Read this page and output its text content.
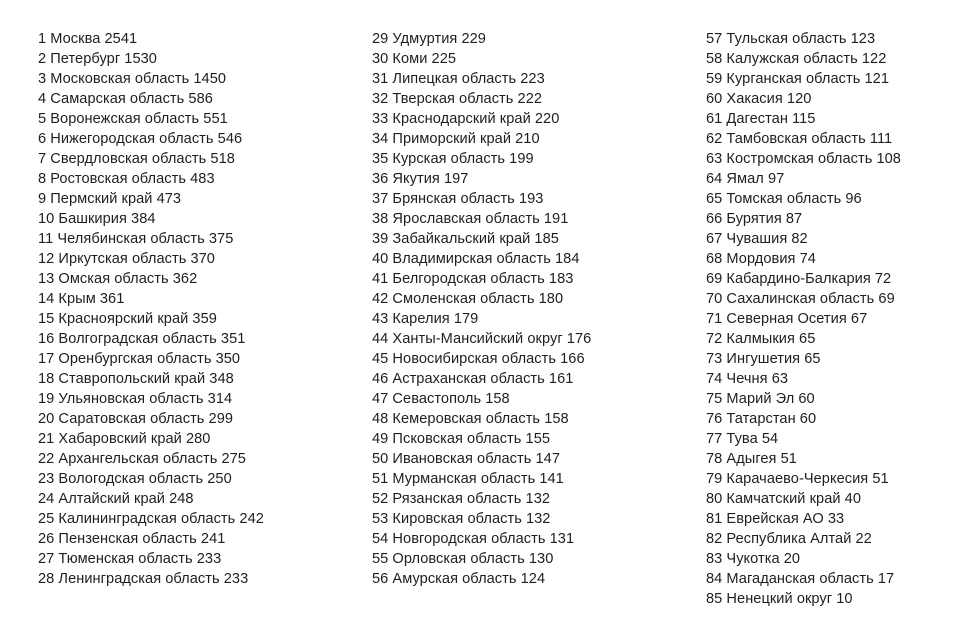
1 Москва 2541
2 Петербург 1530
3 Московская область 1450
4 Самарская область 586
5 Воронежская область 551
6 Нижегородская область 546
7 Свердловская область 518
8 Ростовская область 483
9 Пермский край 473
10 Башкирия 384
11 Челябинская область 375
12 Иркутская область 370
13 Омская область 362
14 Крым 361
15 Красноярский край 359
16 Волгоградская область 351
17 Оренбургская область 350
18 Ставропольский край 348
19 Ульяновская область 314
20 Саратовская область 299
21 Хабаровский край 280
22 Архангельская область 275
23 Вологодская область 250
24 Алтайский край 248
25 Калининградская область 242
26 Пензенская область 241
27 Тюменская область 233
28 Ленинградская область 233
29 Удмуртия 229
30 Коми 225
31 Липецкая область 223
32 Тверская область 222
33 Краснодарский край 220
34 Приморский край 210
35 Курская область 199
36 Якутия 197
37 Брянская область 193
38 Ярославская область 191
39 Забайкальский край 185
40 Владимирская область 184
41 Белгородская область 183
42 Смоленская область 180
43 Карелия 179
44 Ханты-Мансийский округ 176
45 Новосибирская область 166
46 Астраханская область 161
47 Севастополь 158
48 Кемеровская область 158
49 Псковская область 155
50 Ивановская область 147
51 Мурманская область 141
52 Рязанская область 132
53 Кировская область 132
54 Новгородская область 131
55 Орловская область 130
56 Амурская область 124
57 Тульская область 123
58 Калужская область 122
59 Курганская область 121
60 Хакасия 120
61 Дагестан 115
62 Тамбовская область 111
63 Костромская область 108
64 Ямал 97
65 Томская область 96
66 Бурятия 87
67 Чувашия 82
68 Мордовия 74
69 Кабардино-Балкария 72
70 Сахалинская область 69
71 Северная Осетия 67
72 Калмыкия 65
73 Ингушетия 65
74 Чечня 63
75 Марий Эл 60
76 Татарстан 60
77 Тува 54
78 Адыгея 51
79 Карачаево-Черкесия 51
80 Камчатский край 40
81 Еврейская АО 33
82 Республика Алтай 22
83 Чукотка 20
84 Магаданская область 17
85 Ненецкий округ 10
